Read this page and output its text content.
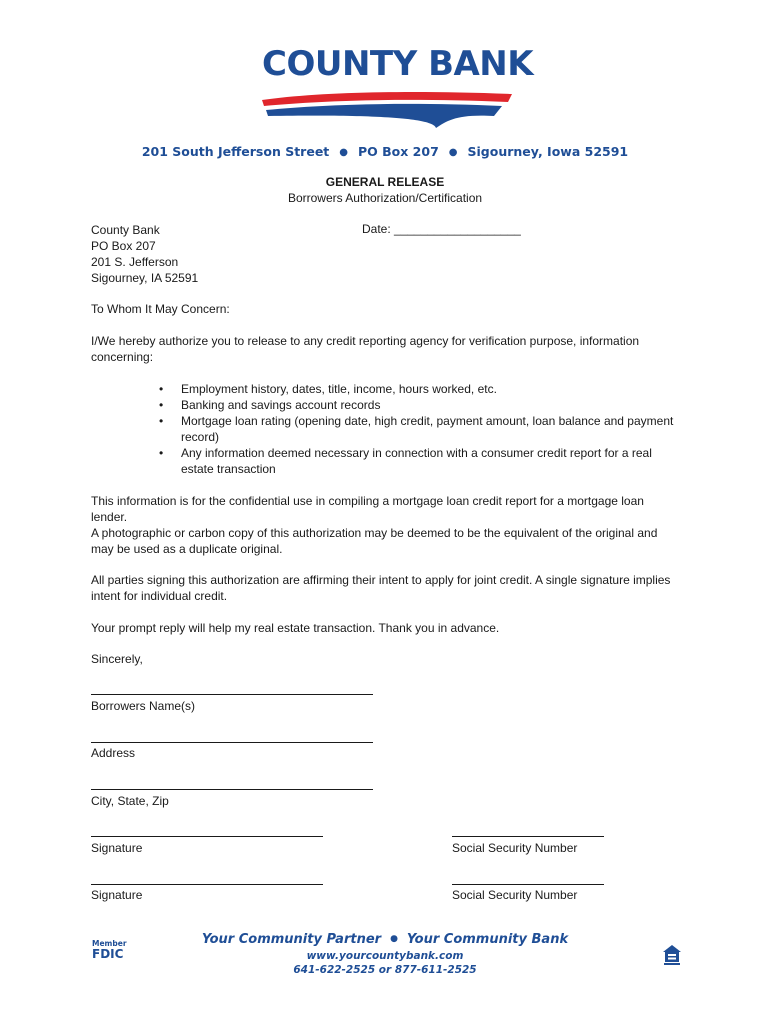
COUNTY BANK
201 South Jefferson Street ● PO Box 207 ● Sigourney, Iowa 52591
GENERAL RELEASE
Borrowers Authorization/Certification
County Bank
PO Box 207
201 S. Jefferson
Sigourney, IA 52591
Date: ___________________
To Whom It May Concern:
I/We hereby authorize you to release to any credit reporting agency for verification purpose, information concerning:
• Employment history, dates, title, income, hours worked, etc.
• Banking and savings account records
• Mortgage loan rating (opening date, high credit, payment amount, loan balance and payment record)
• Any information deemed necessary in connection with a consumer credit report for a real estate transaction
This information is for the confidential use in compiling a mortgage loan credit report for a mortgage loan lender.
A photographic or carbon copy of this authorization may be deemed to be the equivalent of the original and may be used as a duplicate original.
All parties signing this authorization are affirming their intent to apply for joint credit. A single signature implies intent for individual credit.
Your prompt reply will help my real estate transaction. Thank you in advance.
Sincerely,
Borrowers Name(s)
Address
City, State, Zip
Signature	Social Security Number
Signature	Social Security Number
Member
FDIC
Your Community Partner ● Your Community Bank
www.yourcountybank.com
641-622-2525 or 877-611-2525
